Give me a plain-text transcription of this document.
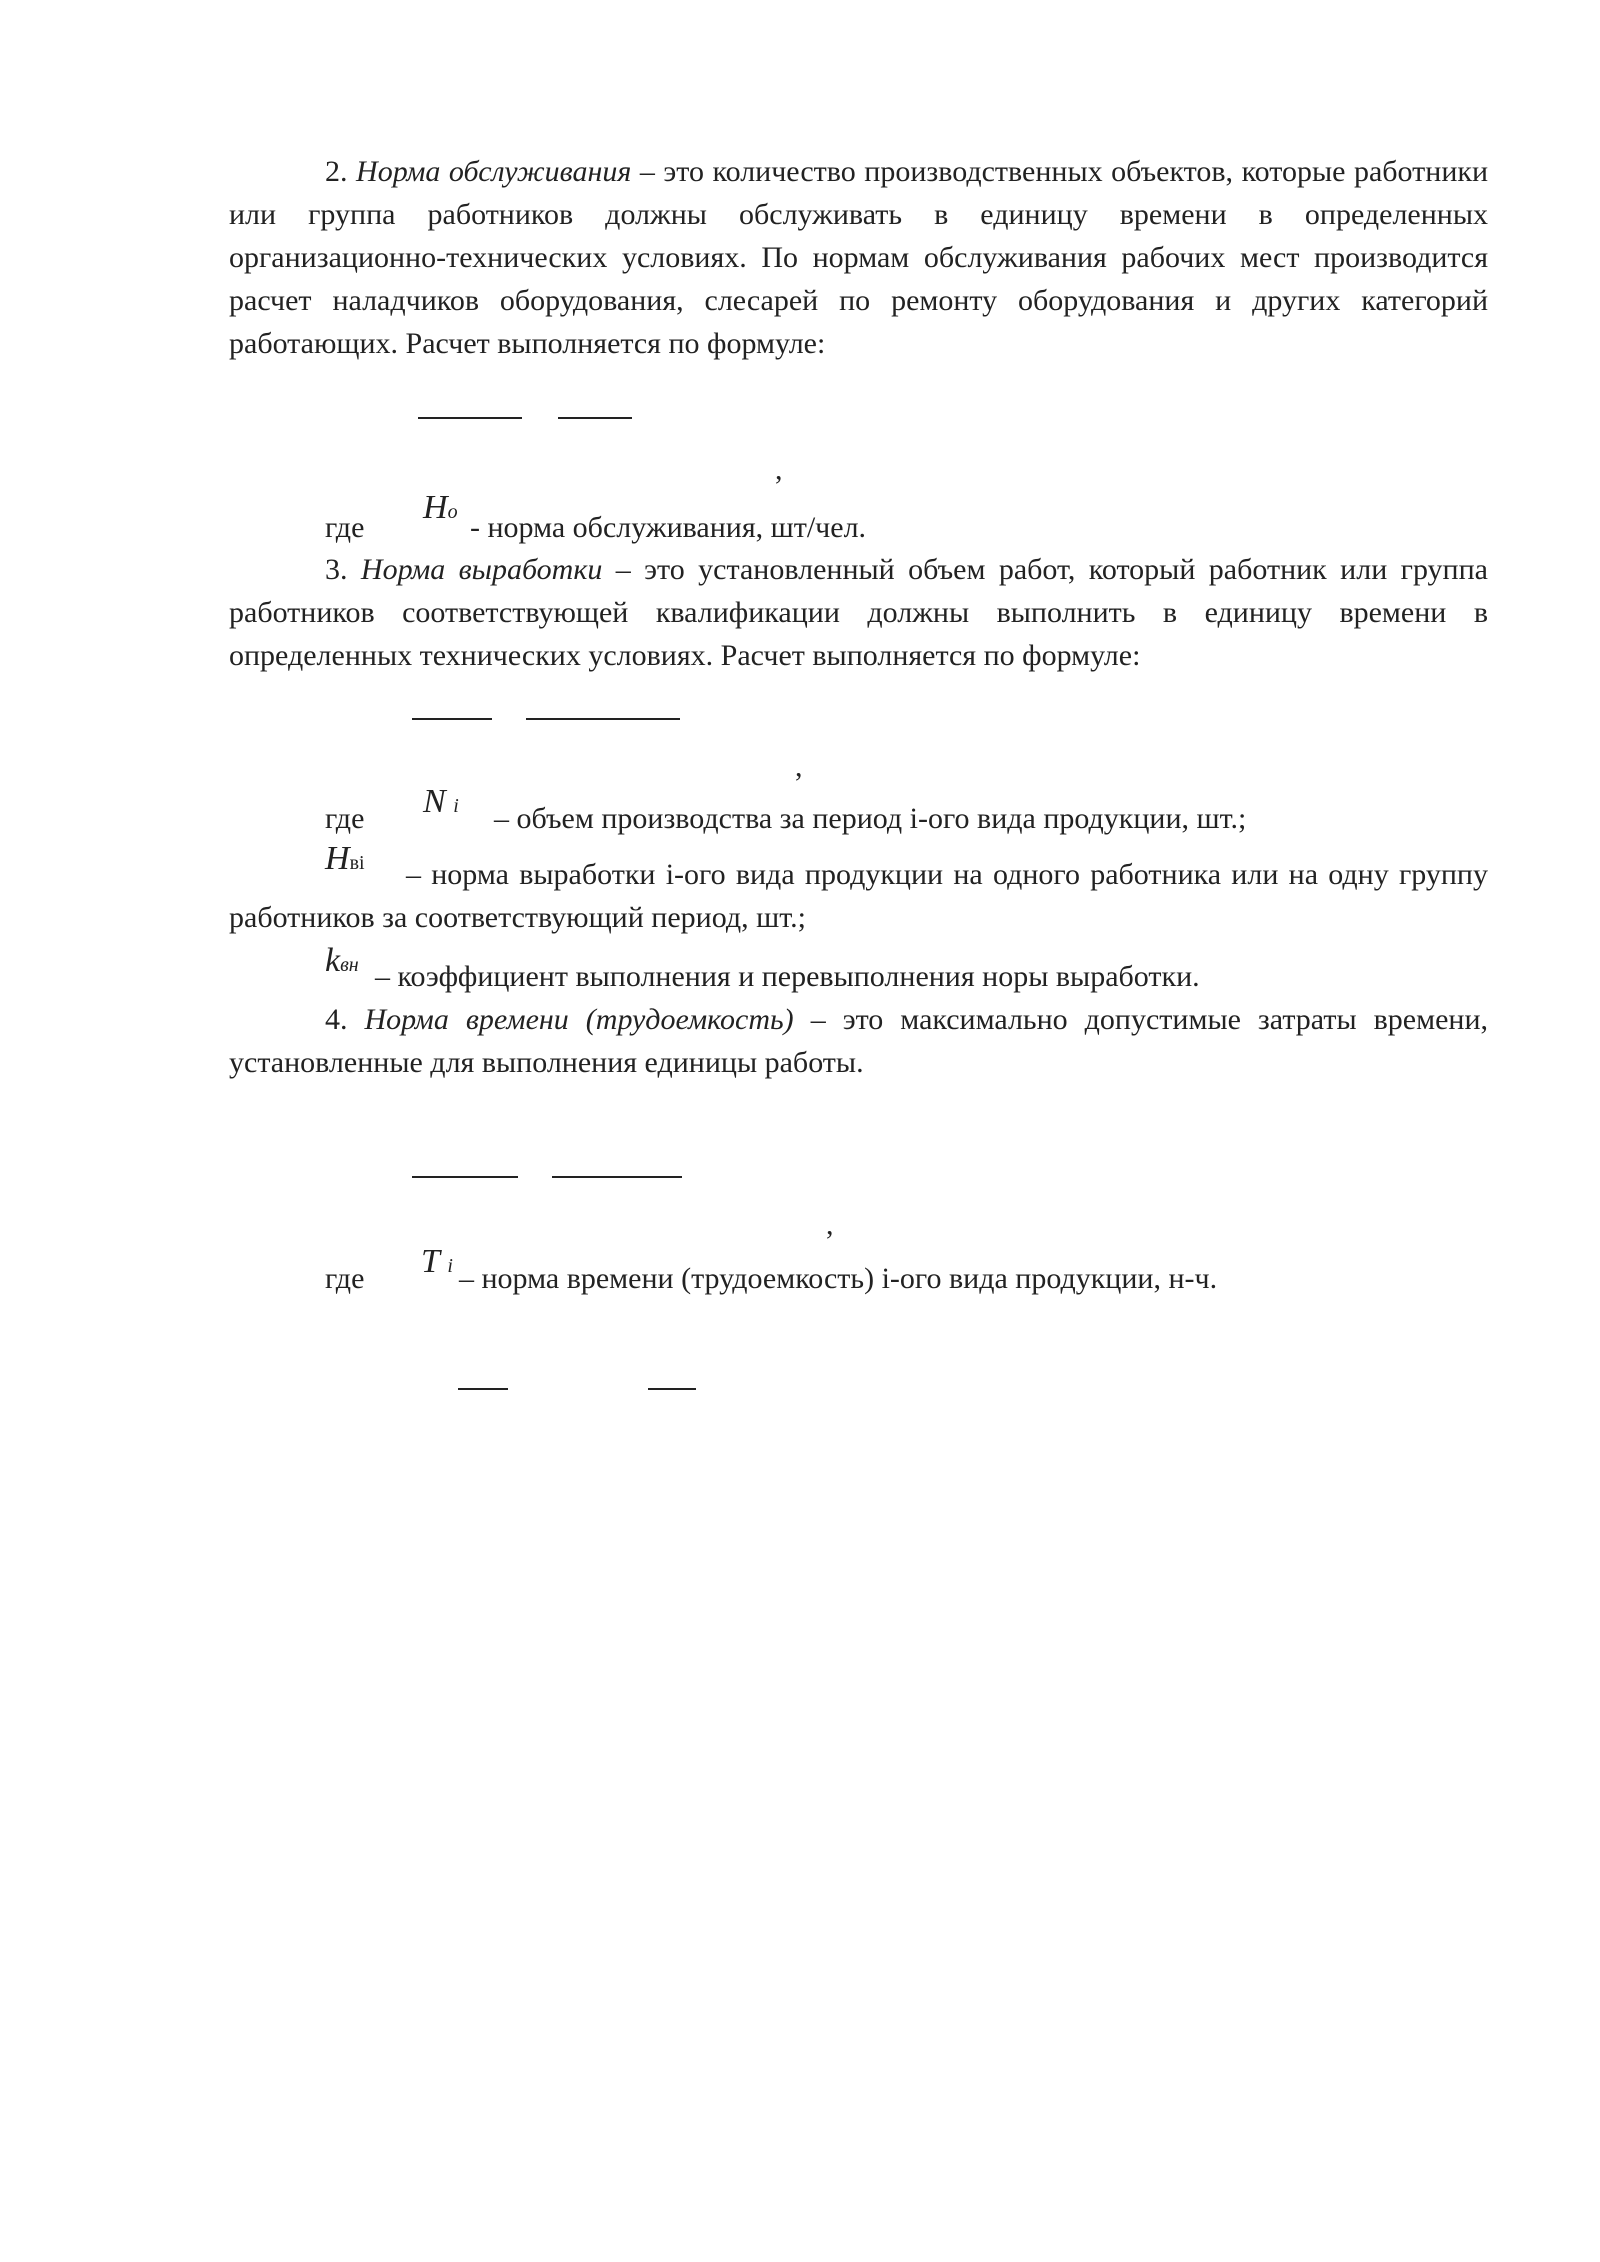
2. Норма обслуживания – это количество производственных объектов, которые работники или группа работников должны обслуживать в единицу времени в определенных организационно-технических условиях. По нормам обслуживания рабочих мест производится расчет наладчиков оборудования, слесарей по ремонту оборудования и других категорий работающих. Расчет выполняется по формуле:

,
где
Но - норма обслуживания, шт/чел.

3. Норма выработки – это установленный объем работ, который работник или группа работников соответствующей квалификации должны выполнить в единицу времени в определенных технических условиях. Расчет выполняется по формуле:

,
где N i – объем производства за период i-ого вида продукции, шт.;
Нвi	– норма выработки i-ого вида продукции на одного работника или на одну группу работников за соответствующий период, шт.;

kвн – коэффициент выполнения и перевыполнения норы выработки.

4. Норма времени (трудоемкость) – это максимально допустимые затраты времени, установленные для выполнения единицы работы.

,
где T i – норма времени (трудоемкость) i-ого вида продукции, н-ч.
